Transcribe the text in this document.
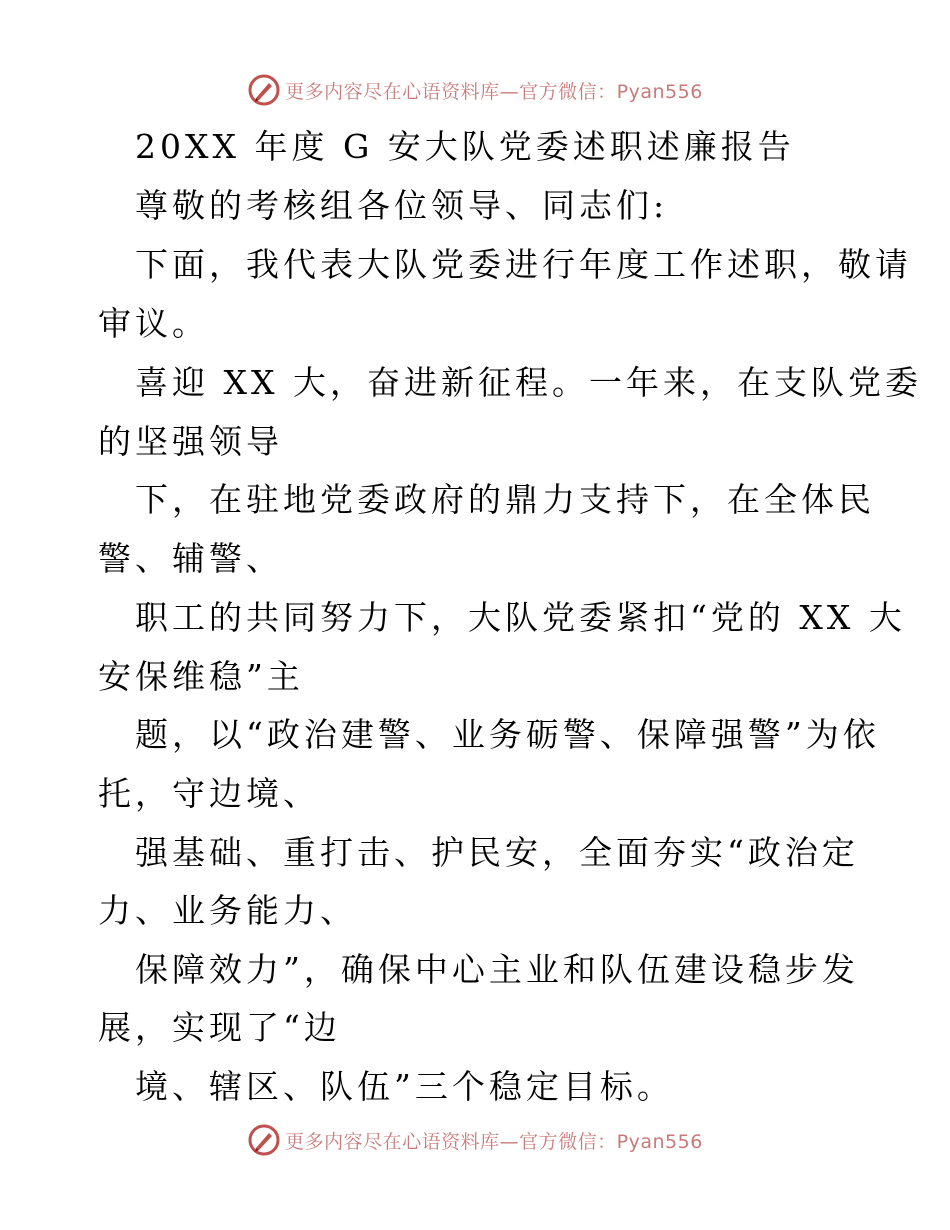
更多内容尽在心语资料库—官方微信：Pyan556
20XX 年度 G 安大队党委述职述廉报告
尊敬的考核组各位领导、同志们:
下面，我代表大队党委进行年度工作述职，敬请
审议。
喜迎 XX 大，奋进新征程。一年来，在支队党委
的坚强领导
下，在驻地党委政府的鼎力支持下，在全体民
警、辅警、
职工的共同努力下，大队党委紧扣“党的 XX 大
安保维稳”主
题，以“政治建警、业务砺警、保障强警”为依
托，守边境、
强基础、重打击、护民安，全面夯实“政治定
力、业务能力、
保障效力”，确保中心主业和队伍建设稳步发
展，实现了“边
境、辖区、队伍”三个稳定目标。
更多内容尽在心语资料库—官方微信：Pyan556
